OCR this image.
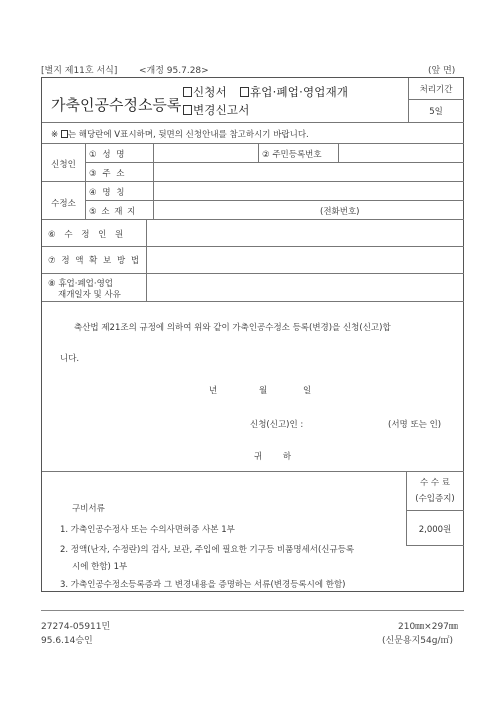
[별지 제11호 서식] <개정 95.7.28>	(앞 면)
가축인공수정소등록
신청서	휴업·폐업·영업재개
변경신고서
처리기간
5일
※ 는 해당란에 V표시하며, 뒷면의 신청안내를 참고하시기 바랍니다.
신청인
① 성 명	② 주민등록번호
③ 주 소
수정소
④ 명 칭
⑤ 소 재 지	(전화번호)
⑥ 수 정 인 원
⑦ 정 액 확 보 방 법
⑧ 휴업·폐업·영업
재개일자 및 사유
축산법 제21조의 규정에 의하여 위와 같이 가축인공수정소 등록(변경)을 신청(신고)합
니다.
년	월	일
신청(신고)인 :	(서명 또는 인)
귀 하
구비서류
1. 가축인공수정사 또는 수의사면허증 사본 1부
2. 정액(난자, 수정란)의 검사, 보관, 주입에 필요한 기구등 비품명세서(신규등록
시에 한함) 1부
3. 가축인공수정소등록증과 그 변경내용을 증명하는 서류(변경등록시에 한함)
수 수 료
(수입증지)
2,000원
27274-05911민
95.6.14승인
210㎜×297㎜
(신문용지54g/㎡)
